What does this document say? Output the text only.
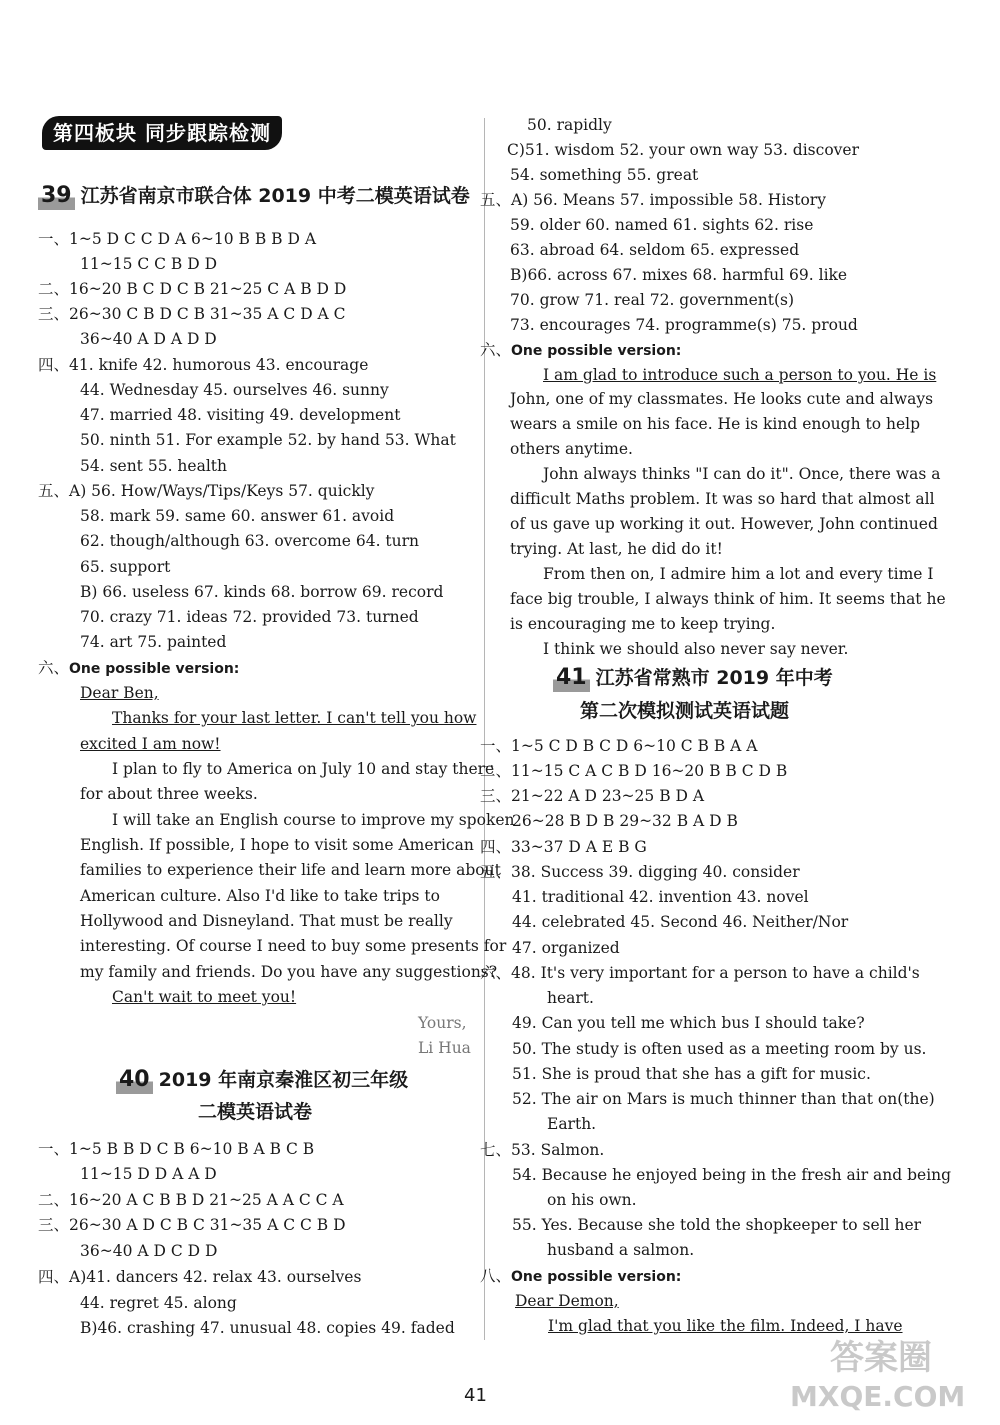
第四板块 同步跟踪检测
39 江苏省南京市联合体 2019 中考二模英语试卷
一、1~5 D C C D A 6~10 B B B D A
11~15 C C B D D
二、16~20 B C D C B 21~25 C A B D D
三、26~30 C B D C B 31~35 A C D A C
36~40 A D A D D
四、41. knife 42. humorous 43. encourage
44. Wednesday 45. ourselves 46. sunny
47. married 48. visiting 49. development
50. ninth 51. For example 52. by hand 53. What
54. sent 55. health
五、A) 56. How/Ways/Tips/Keys 57. quickly
58. mark 59. same 60. answer 61. avoid
62. though/although 63. overcome 64. turn
65. support
B) 66. useless 67. kinds 68. borrow 69. record
70. crazy 71. ideas 72. provided 73. turned
74. art 75. painted
六、One possible version:
Dear Ben,
Thanks for your last letter. I can't tell you how
excited I am now!
I plan to fly to America on July 10 and stay there
for about three weeks.
I will take an English course to improve my spoken
English. If possible, I hope to visit some American
families to experience their life and learn more about
American culture. Also I'd like to take trips to
Hollywood and Disneyland. That must be really
interesting. Of course I need to buy some presents for
my family and friends. Do you have any suggestions?
Can't wait to meet you!
Yours,
Li Hua
40 2019 年南京秦淮区初三年级
二模英语试卷
一、1~5 B B D C B 6~10 B A B C B
11~15 D D A A D
二、16~20 A C B B D 21~25 A A C C A
三、26~30 A D C B C 31~35 A C C B D
36~40 A D C D D
四、A)41. dancers 42. relax 43. ourselves
44. regret 45. along
B)46. crashing 47. unusual 48. copies 49. faded
50. rapidly
C)51. wisdom 52. your own way 53. discover
54. something 55. great
五、A) 56. Means 57. impossible 58. History
59. older 60. named 61. sights 62. rise
63. abroad 64. seldom 65. expressed
B)66. across 67. mixes 68. harmful 69. like
70. grow 71. real 72. government(s)
73. encourages 74. programme(s) 75. proud
六、One possible version:
I am glad to introduce such a person to you. He is
John, one of my classmates. He looks cute and always
wears a smile on his face. He is kind enough to help
others anytime.
John always thinks "I can do it". Once, there was a
difficult Maths problem. It was so hard that almost all
of us gave up working it out. However, John continued
trying. At last, he did do it!
From then on, I admire him a lot and every time I
face big trouble, I always think of him. It seems that he
is encouraging me to keep trying.
I think we should also never say never.
41 江苏省常熟市 2019 年中考
第二次模拟测试英语试题
一、1~5 C D B C D 6~10 C B B A A
二、11~15 C A C B D 16~20 B B C D B
三、21~22 A D 23~25 B D A
26~28 B D B 29~32 B A D B
四、33~37 D A E B G
五、38. Success 39. digging 40. consider
41. traditional 42. invention 43. novel
44. celebrated 45. Second 46. Neither/Nor
47. organized
六、48. It's very important for a person to have a child's
heart.
49. Can you tell me which bus I should take?
50. The study is often used as a meeting room by us.
51. She is proud that she has a gift for music.
52. The air on Mars is much thinner than that on(the)
Earth.
七、53. Salmon.
54. Because he enjoyed being in the fresh air and being
on his own.
55. Yes. Because she told the shopkeeper to sell her
husband a salmon.
八、One possible version:
Dear Demon,
I'm glad that you like the film. Indeed, I have
41
答案圈
MXQE.COM
